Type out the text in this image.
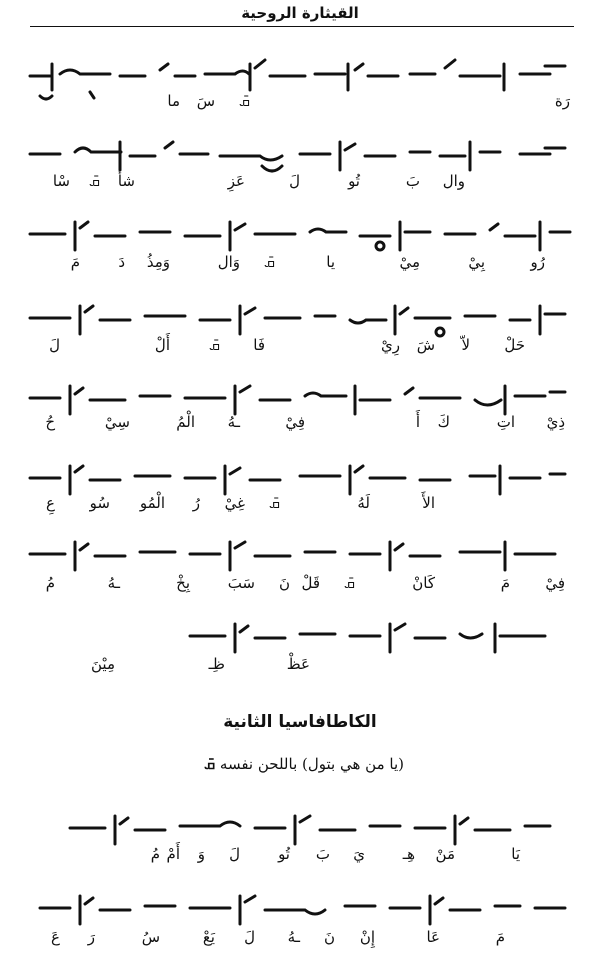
القيثارة الروحية
ما سَ ܩ̄	رَة
سْا ܩ̄ شأ	عَزِ	لَ	تُو	بَ وال
مَ	دَ وَمِذُ	وَال ܩ̄	يا	مِيْ	بِيْ	رُو
لَ	أَلْ	ܩ̄ فَا	رِيْ شَ لاّ حَلْ
حُ	سِيْ	الْمُ ـهُ	فِيْ	أَ كَ	اتِ ذِيْ
عِ سُو الْمُو رُ غِيْ ܩ̄	لَهُ	الأَ
مُ	ـهُ	بِخْ	سَبَ نَ قَلْ ܩ̄	كَانْ	مَ فِيْ
مِيْنَ	ظِـ	عَظْ
الكاطافاسيا الثانية
(يا من هي بتول) باللحن نفسه ܩ̄
مُ أَمْ وَ لَ	تُو بَ يَ	هِـ مَنْ	يَا
عَ رَ	سُ	يَعْ لَ ـهُ نَ إِنْ	عَا	مَ
